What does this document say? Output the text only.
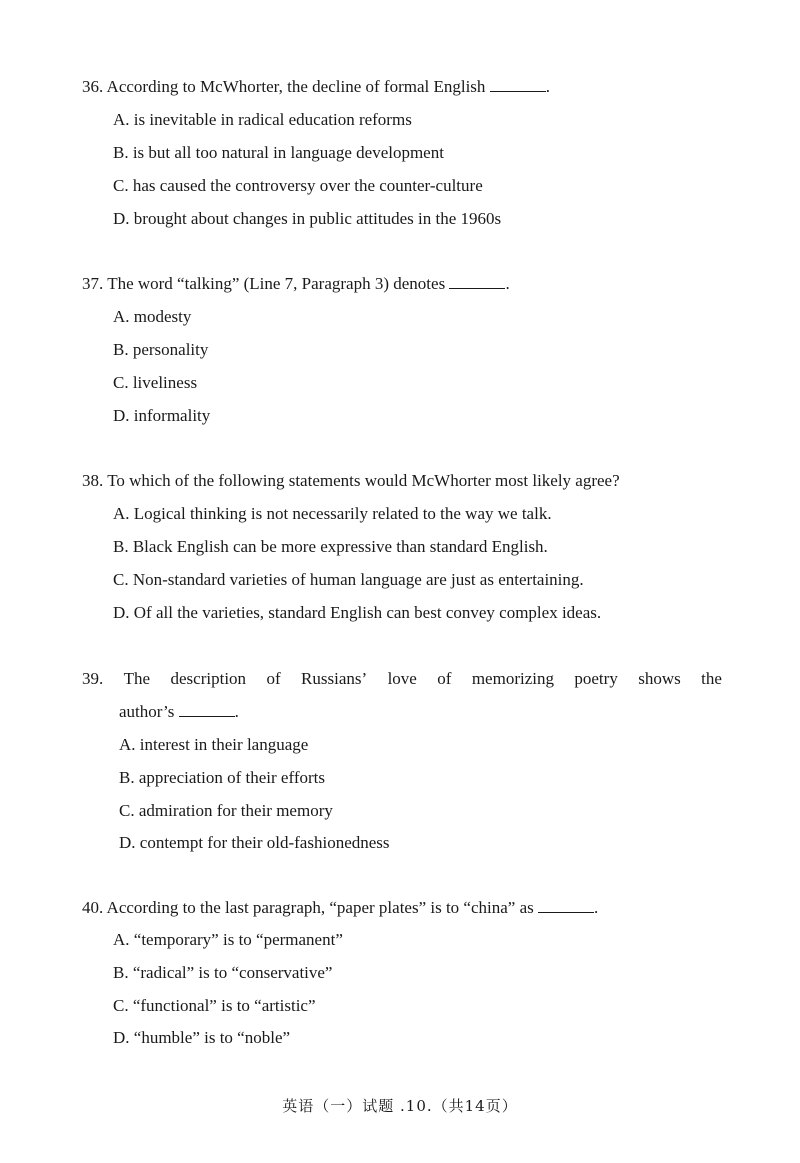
36. According to McWhorter, the decline of formal English	.
A. is inevitable in radical education reforms
B. is but all too natural in language development
C. has caused the controversy over the counter-culture
D. brought about changes in public attitudes in the 1960s
37. The word “talking” (Line 7, Paragraph 3) denotes	.
A. modesty
B. personality
C. liveliness
D. informality
38. To which of the following statements would McWhorter most likely agree?
A. Logical thinking is not necessarily related to the way we talk.
B. Black English can be more expressive than standard English.
C. Non-standard varieties of human language are just as entertaining.
D. Of all the varieties, standard English can best convey complex ideas.
39. The description of Russians’ love of memorizing poetry shows the
author’s	.
A. interest in their language
B. appreciation of their efforts
C. admiration for their memory
D. contempt for their old-fashionedness
40. According to the last paragraph, “paper plates” is to “china” as	.
A. “temporary” is to “permanent”
B. “radical” is to “conservative”
C. “functional” is to “artistic”
D. “humble” is to “noble”
英语（一）试题 .10.（共14页）
